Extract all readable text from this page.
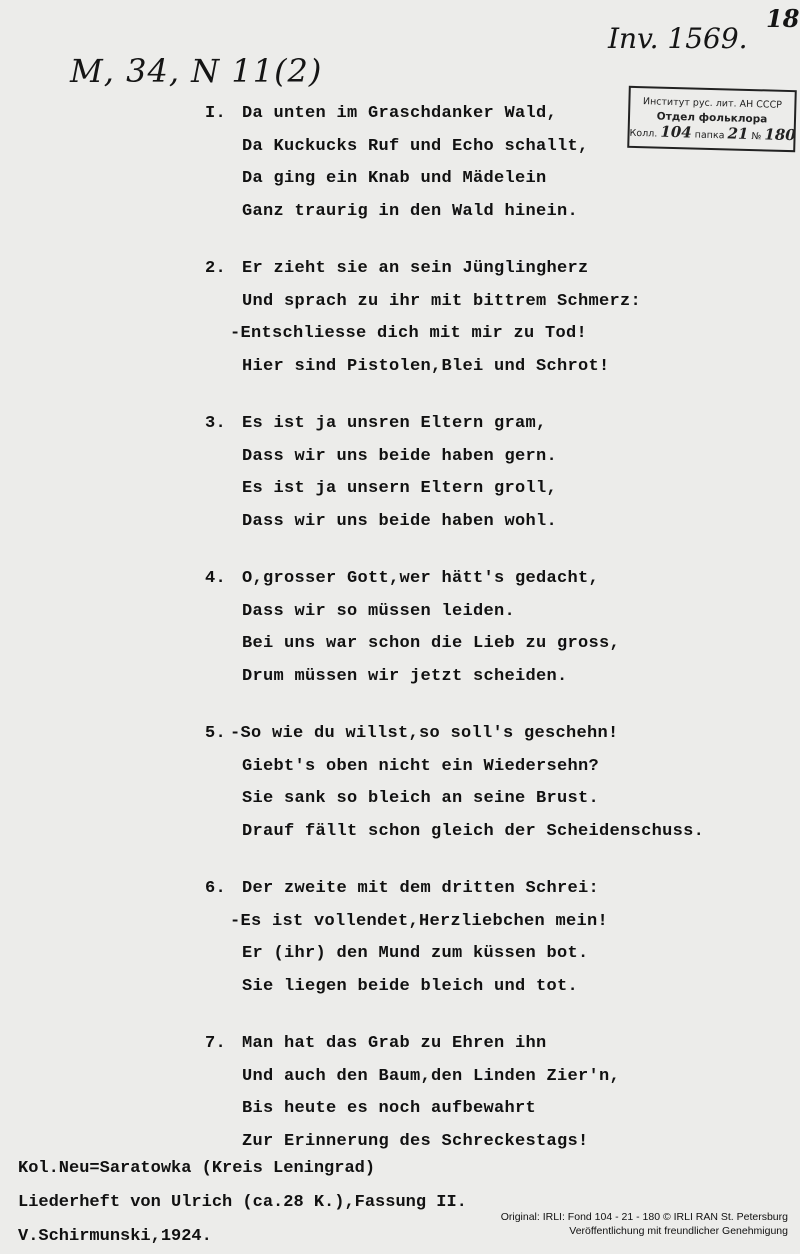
M, 34, N 11(2)
Inv. 1569.
18
Институт рус. лит. АН СССР
Отдел фольклора
Колл. 104 папка 21 № 180
I. Da unten im Graschdanker Wald,
Da Kuckucks Ruf und Echo schallt,
Da ging ein Knab und Mädelein
Ganz traurig in den Wald hinein.
2. Er zieht sie an sein Jünglingherz
Und sprach zu ihr mit bittrem Schmerz:
-Entschliesse dich mit mir zu Tod!
Hier sind Pistolen,Blei und Schrot!
3. Es ist ja unsren Eltern gram,
Dass wir uns beide haben gern.
Es ist ja unsern Eltern groll,
Dass wir uns beide haben wohl.
4. O,grosser Gott,wer hätt's gedacht,
Dass wir so müssen leiden.
Bei uns war schon die Lieb zu gross,
Drum müssen wir jetzt scheiden.
5. -So wie du willst,so soll's geschehn!
Giebt's oben nicht ein Wiedersehn?
Sie sank so bleich an seine Brust.
Drauf fällt schon gleich der Scheidenschuss.
6. Der zweite mit dem dritten Schrei:
-Es ist vollendet,Herzliebchen mein!
Er (ihr) den Mund zum küssen bot.
Sie liegen beide bleich und tot.
7. Man hat das Grab zu Ehren ihn
Und auch den Baum,den Linden Zier'n,
Bis heute es noch aufbewahrt
Zur Erinnerung des Schreckestags!
Kol.Neu=Saratowka (Kreis Leningrad)
Liederheft von Ulrich (ca.28 K.),Fassung II.
V.Schirmunski,1924.
Original: IRLI: Fond 104 - 21 - 180 © IRLI RAN St. Petersburg
Veröffentlichung mit freundlicher Genehmigung
